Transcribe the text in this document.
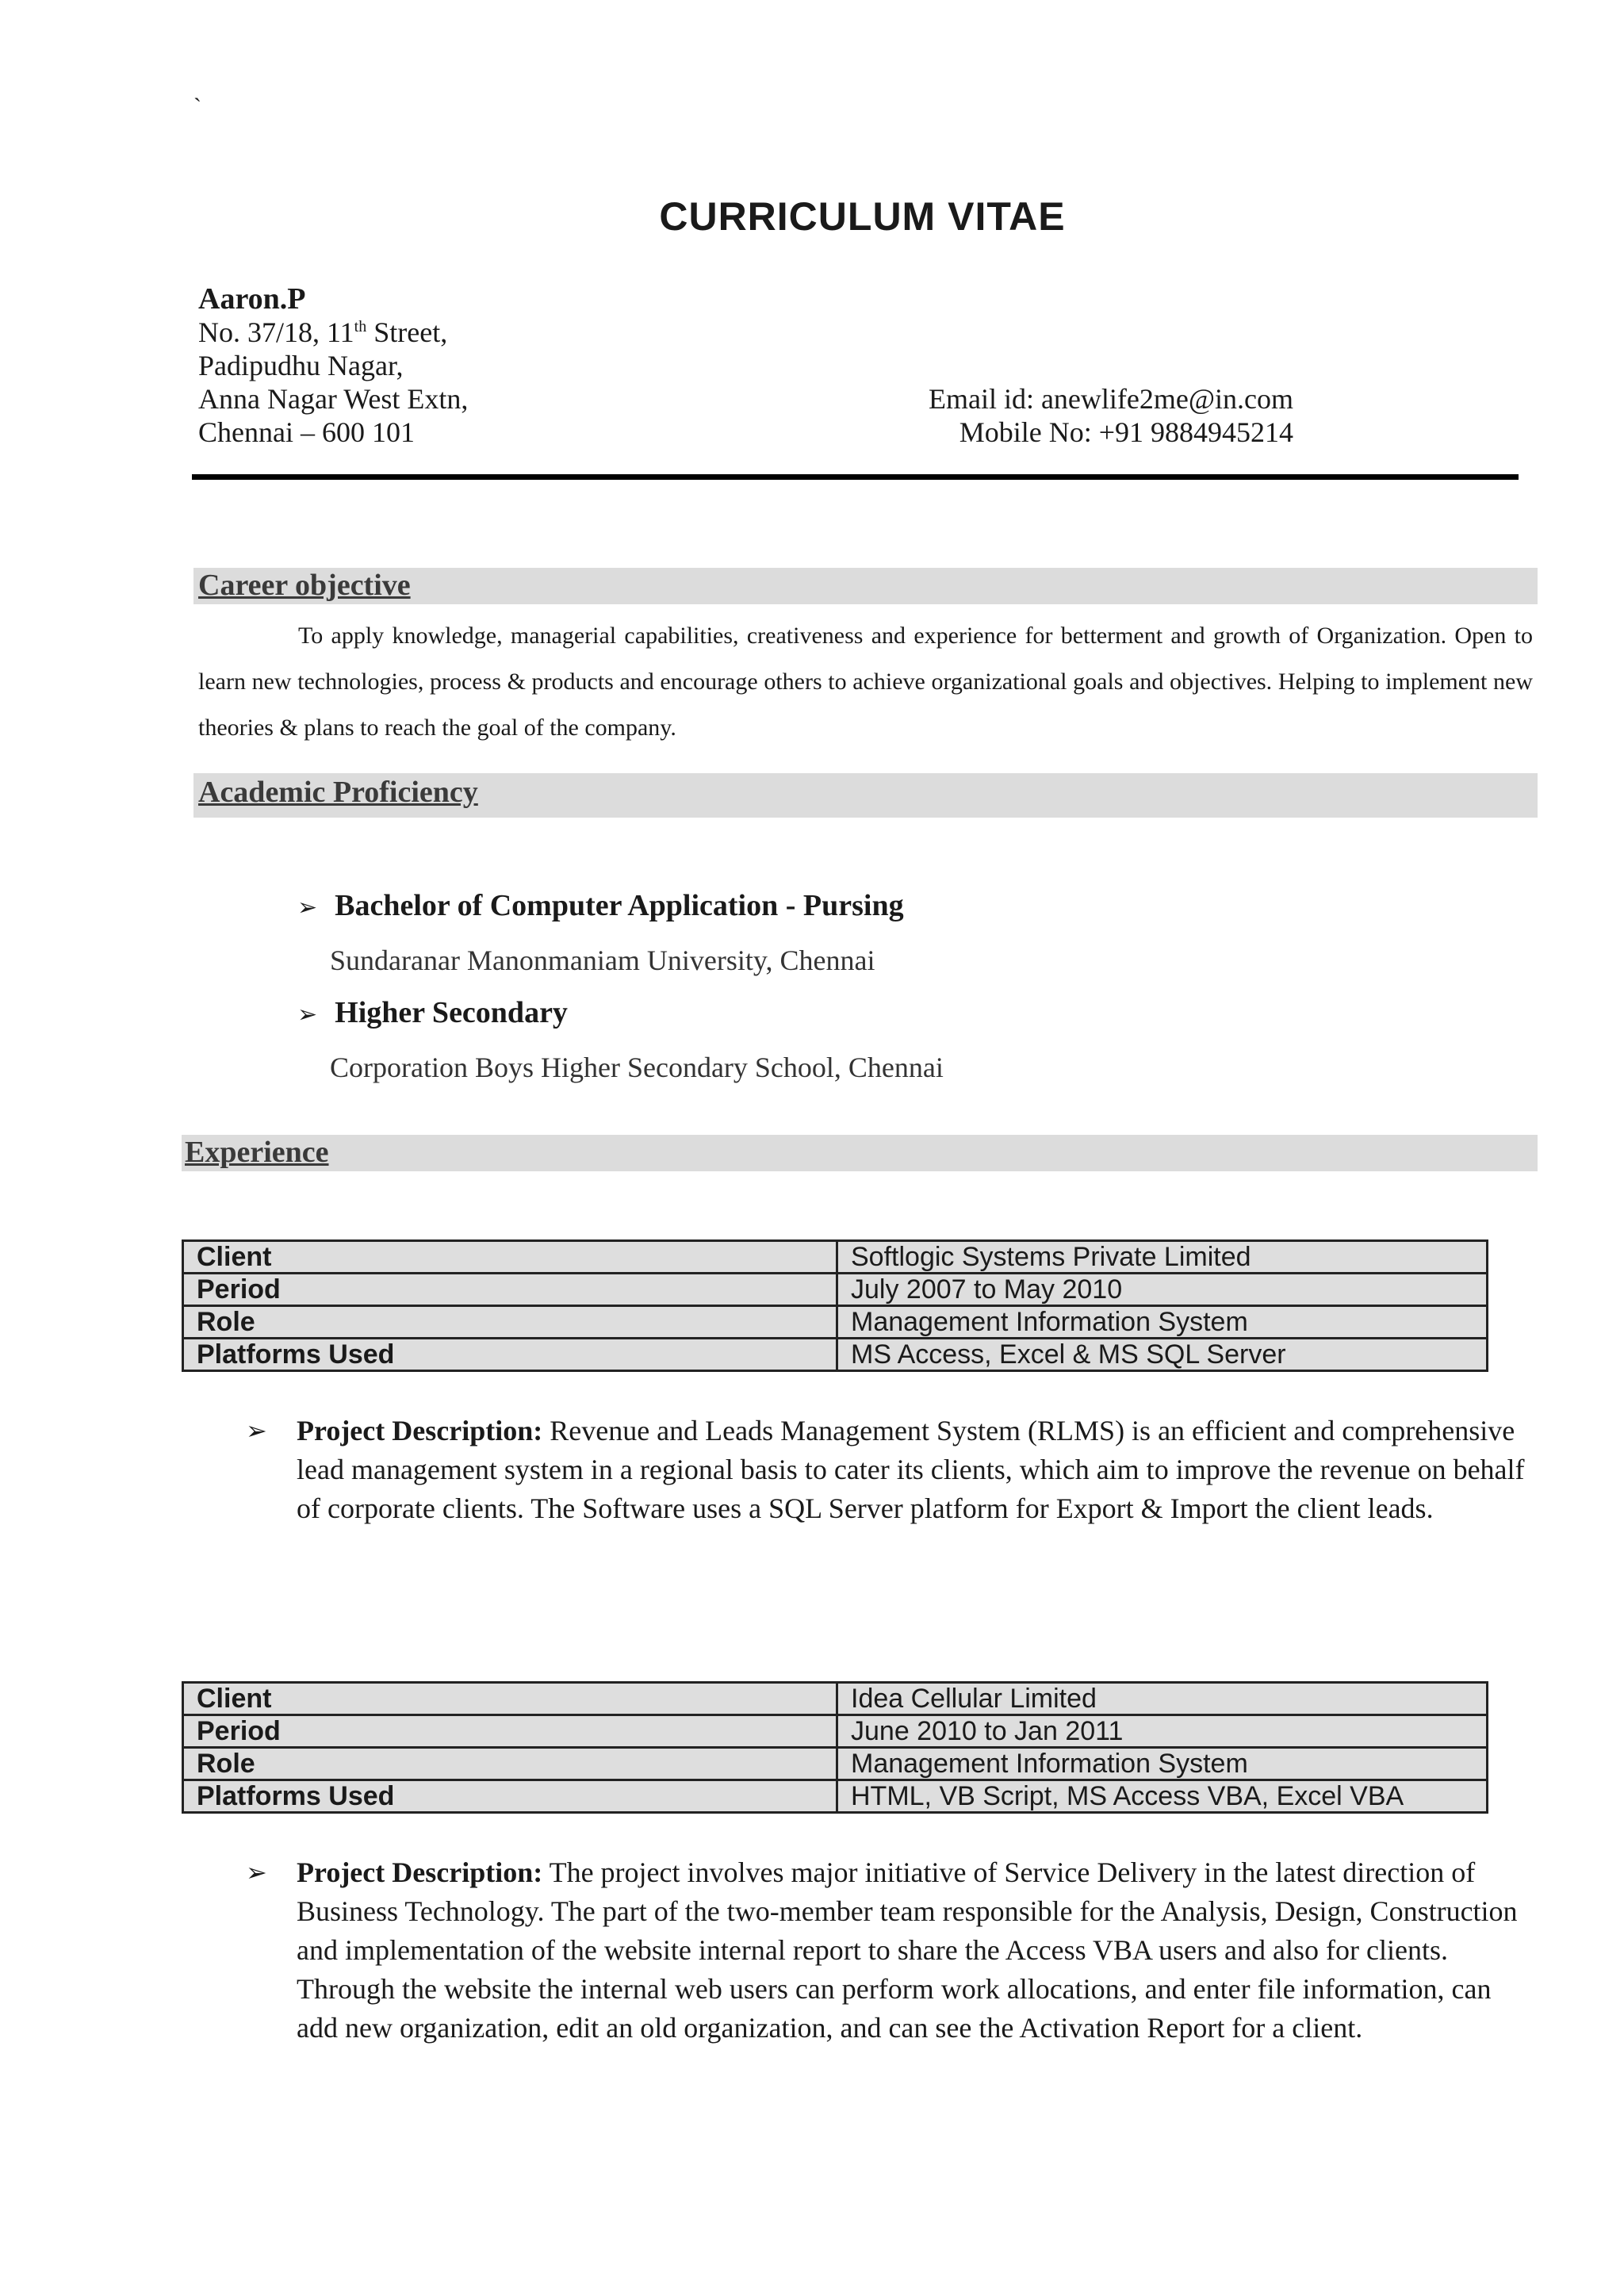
`
CURRICULUM VITAE
Aaron.P
No. 37/18, 11th Street,
Padipudhu Nagar,
Anna Nagar West Extn,
Chennai – 600 101
Email id: anewlife2me@in.com
Mobile No: +91 9884945214
Career objective

To apply knowledge, managerial capabilities, creativeness and experience for betterment and growth of Organization. Open to learn new technologies, process & products and encourage others to achieve organizational goals and objectives. Helping to implement new theories & plans to reach the goal of the company.

Academic Proficiency
➢ Bachelor of Computer Application - Pursing
Sundaranar Manonmaniam University, Chennai
➢ Higher Secondary
Corporation Boys Higher Secondary School, Chennai
Experience
Client	Softlogic Systems Private Limited
Period	July 2007 to May 2010
Role	Management Information System
Platforms Used	MS Access, Excel & MS SQL Server
➢ Project Description: Revenue and Leads Management System (RLMS) is an efficient and comprehensive lead management system in a regional basis to cater its clients, which aim to improve the revenue on behalf of corporate clients. The Software uses a SQL Server platform for Export & Import the client leads.
Client	Idea Cellular Limited
Period	June 2010 to Jan 2011
Role	Management Information System
Platforms Used	HTML, VB Script, MS Access VBA, Excel VBA
➢ Project Description: The project involves major initiative of Service Delivery in the latest direction of Business Technology. The part of the two-member team responsible for the Analysis, Design, Construction and implementation of the website internal report to share the Access VBA users and also for clients. Through the website the internal web users can perform work allocations, and enter file information, can add new organization, edit an old organization, and can see the Activation Report for a client.
